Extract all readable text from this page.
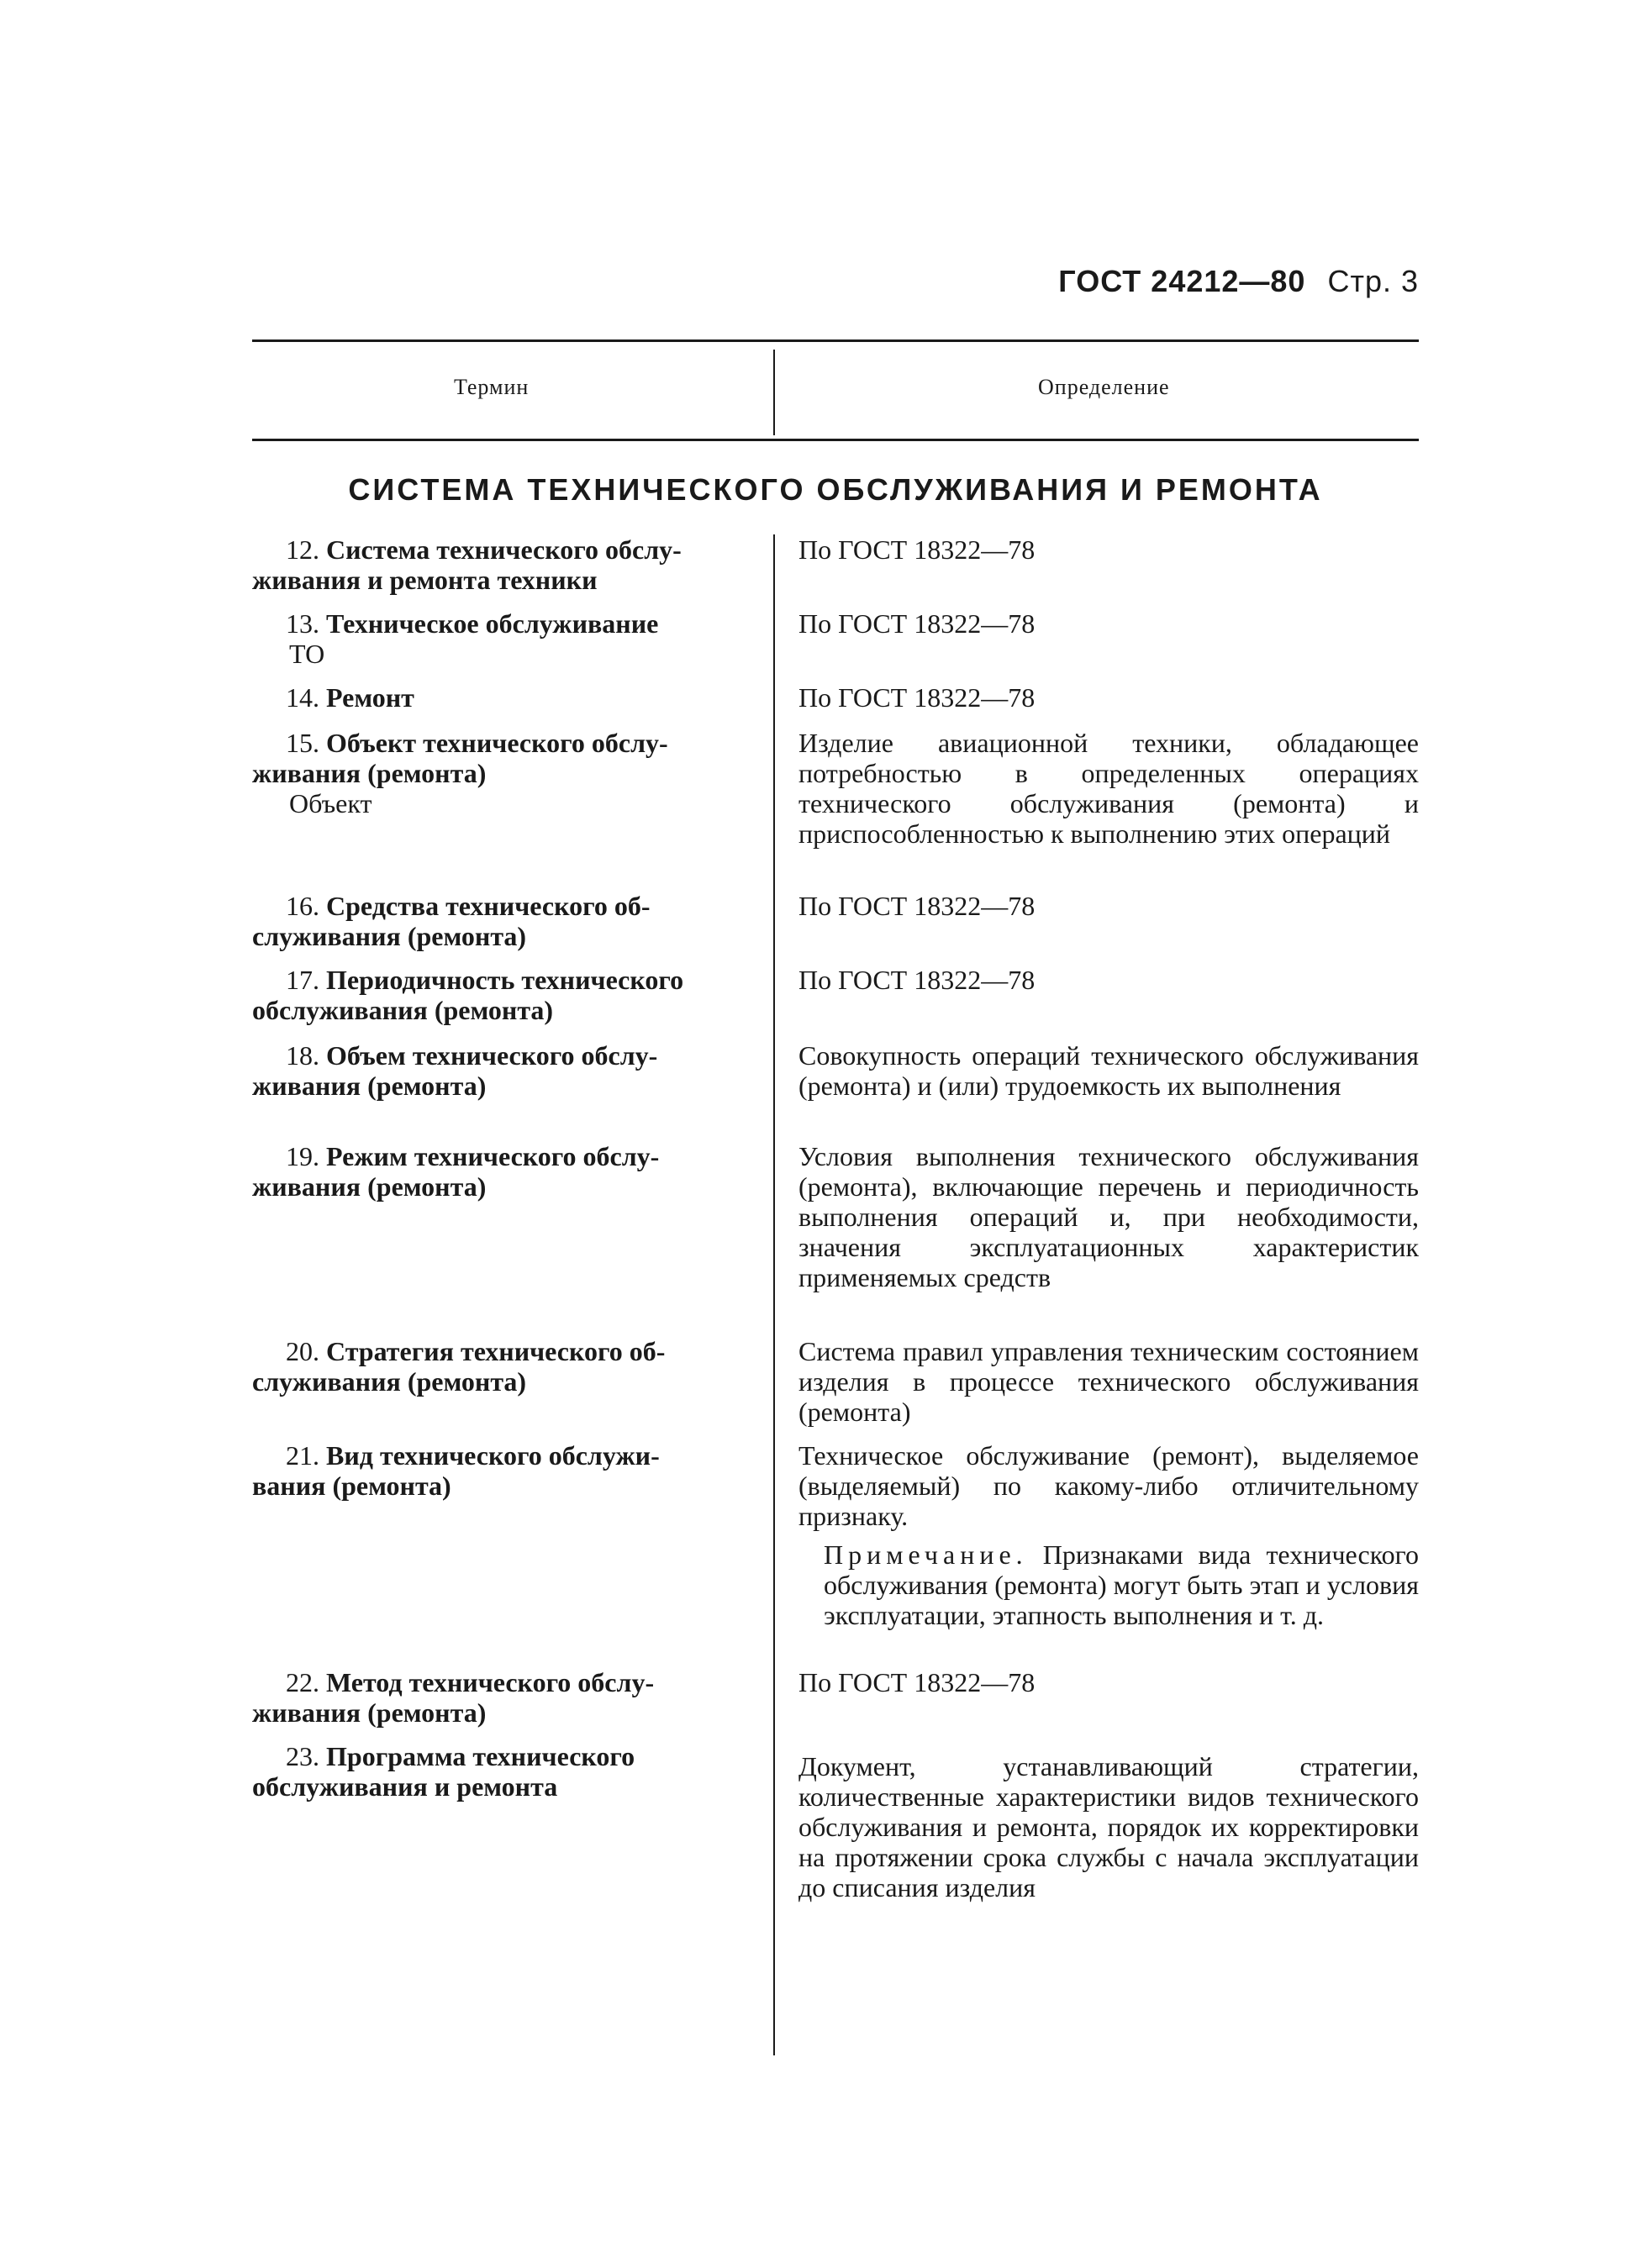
ГОСТ 24212—80 Стр. 3
Термин	Определение
СИСТЕМА ТЕХНИЧЕСКОГО ОБСЛУЖИВАНИЯ И РЕМОНТА
12. Система технического обслу-
живания и ремонта техники
По ГОСТ 18322—78
13. Техническое обслуживание
ТО
По ГОСТ 18322—78
14. Ремонт	По ГОСТ 18322—78
15. Объект технического обслу-
живания (ремонта)
Объект
Изделие авиационной техники, обладающее потребностью в определенных операциях технического обслуживания (ремонта) и приспособленностью к выполнению этих операций
16. Средства технического об-
служивания (ремонта)
По ГОСТ 18322—78
17. Периодичность технического
обслуживания (ремонта)
По ГОСТ 18322—78
18. Объем технического обслу-
живания (ремонта)
Совокупность операций технического обслуживания (ремонта) и (или) трудоемкость их выполнения
19. Режим технического обслу-
живания (ремонта)
Условия выполнения технического обслуживания (ремонта), включающие перечень и периодичность выполнения операций и, при необходимости, значения эксплуатационных характеристик применяемых средств
20. Стратегия технического об-
служивания (ремонта)
Система правил управления техническим состоянием изделия в процессе технического обслуживания (ремонта)
21. Вид технического обслужи-
вания (ремонта)
Техническое обслуживание (ремонт), выделяемое (выделяемый) по какому-либо отличительному признаку.
Примечание. Признаками вида технического обслуживания (ремонта) могут быть этап и условия эксплуатации, этапность выполнения и т. д.
22. Метод технического обслу-
живания (ремонта)
По ГОСТ 18322—78
23. Программа технического
обслуживания и ремонта
Документ, устанавливающий стратегии, количественные характеристики видов технического обслуживания и ремонта, порядок их корректировки на протяжении срока службы с начала эксплуатации до списания изделия
